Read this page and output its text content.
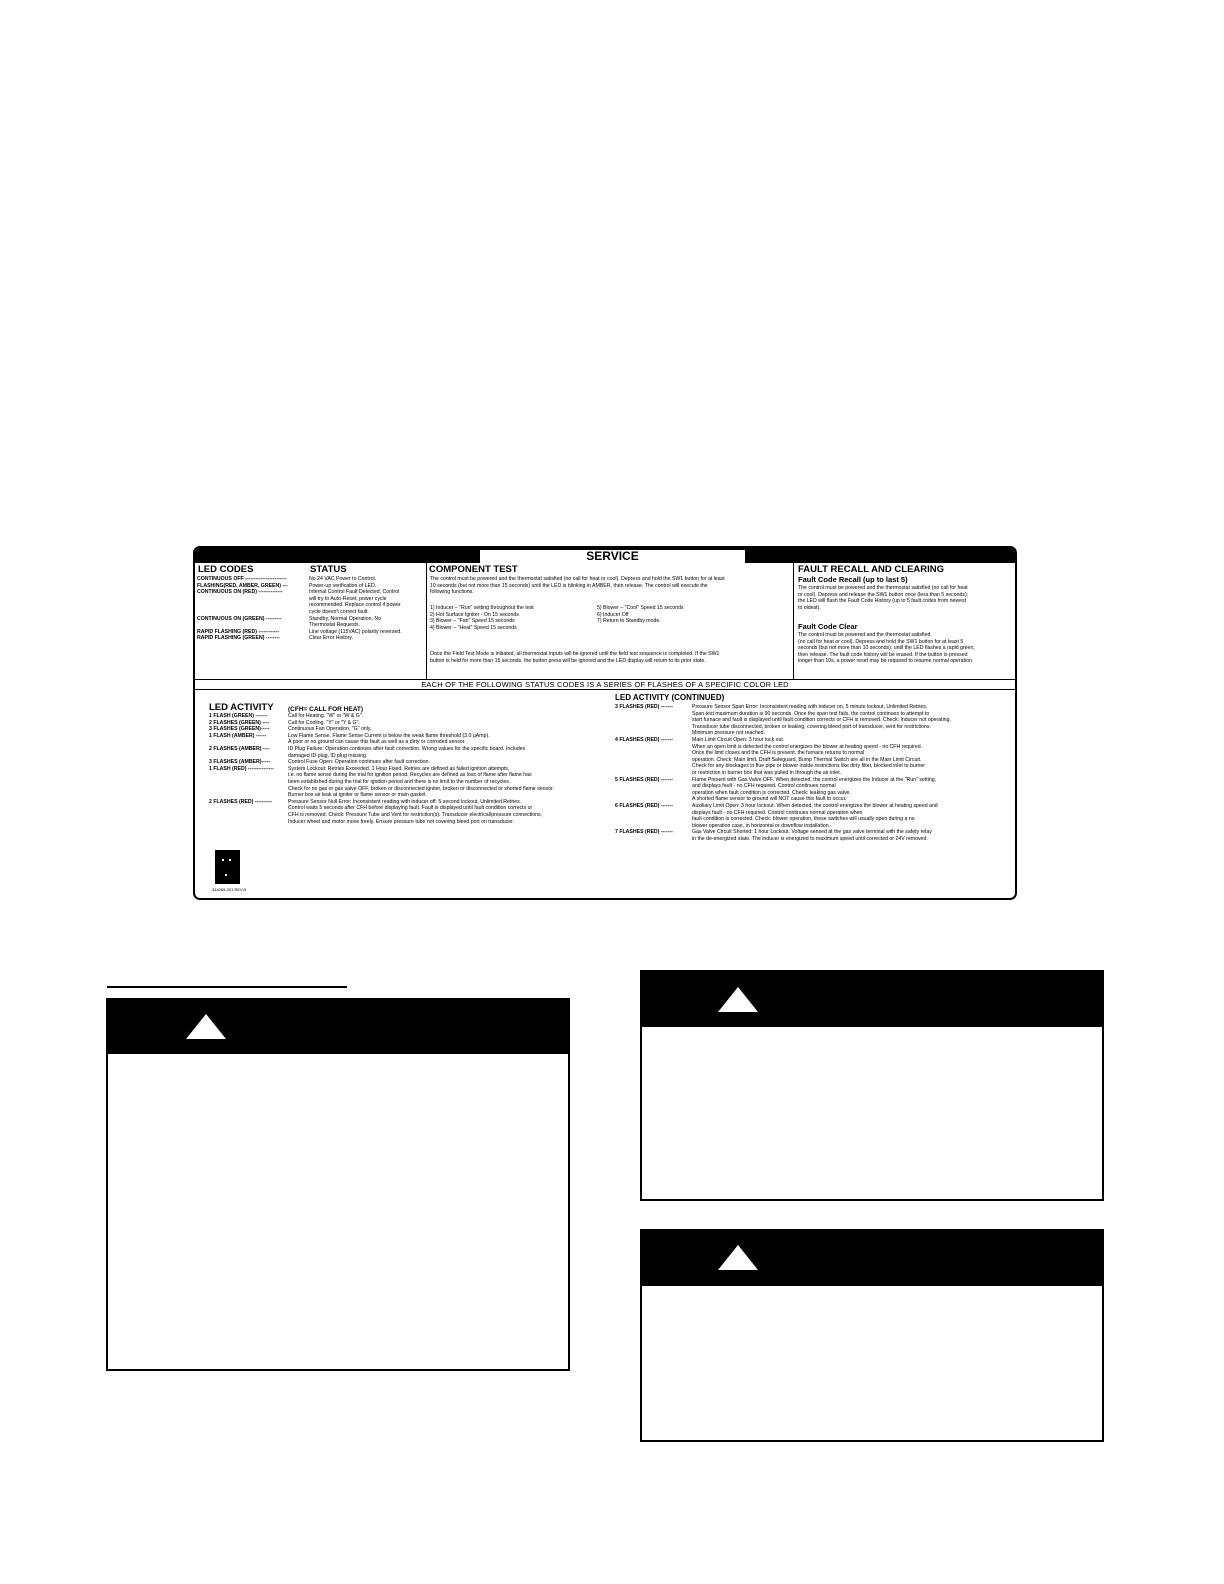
SERVICE
LED CODES	STATUS
CONTINUOUS OFF ------------------------	No 24 VAC Power to Control.
FLASHING(RED, AMBER, GREEN) ---	Power-up verification of LED.
CONTINUOUS ON (RED) --------------	Internal Control Fault Detected, Control
will try to Auto-Reset, power cycle
recommended. Replace control if power
cycle doesn't correct fault.
CONTINUOUS ON (GREEN) ---------	Standby, Normal Operation, No
Thermostat Requests.
RAPID FLASHING (RED) ------------	Line voltage (115VAC) polarity reversed.
RAPID FLASHING (GREEN) --------	Clear Error History.
COMPONENT TEST
The control must be powered and the thermostat satisfied (no call for heat or cool). Depress and hold the SW1 button for at least
10 seconds (but not more than 15 seconds) until the LED is blinking in AMBER, then release. The control will execute the
following functions.
1) Inducer – "Run" setting throughout the test
2) Hot Surface Igniter - On 15 seconds
3) Blower – "Fan" Speed 15 seconds
4) Blower – "Heat" Speed 15 seconds
5) Blower – "Cool" Speed 15 seconds
6) Inducer Off
7) Return to Standby mode.
Once the Field Test Mode is initiated, all thermostat inputs will be ignored until the field test sequence is completed. If the SW1
button is held for more than 15 seconds, the button press will be ignored and the LED display will return to its prior state.
FAULT RECALL AND CLEARING
Fault Code Recall (up to last 5)
The control must be powered and the thermostat satisfied (no call for heat
or cool). Depress and release the SW1 button once (less than 5 seconds);
the LED will flash the Fault Code History (up to 5 fault codes from newest
to oldest).
Fault Code Clear
The control must be powered and the thermostat satisfied
(no call for heat or cool). Depress and hold the SW1 button for at least 5
seconds (but not more than 10 seconds), until the LED flashes a rapid green,
then release. The fault code history will be erased. If the button is pressed
longer than 10s, a power reset may be required to resume normal operation.
EACH OF THE FOLLOWING STATUS CODES IS A SERIES OF FLASHES OF A SPECIFIC COLOR LED
LED ACTIVITY (CFH= CALL FOR HEAT)
1 FLASH (GREEN) -------	Call for Heating. "W" or "W & G".
2 FLASHES (GREEN) ----	Call for Cooling. "Y" or "Y & G".
3 FLASHES (GREEN)-----	Continuous Fan Operation, "G" only.
1 FLASH (AMBER) ------	Low Flame Sense. Flame Sense Current is below the weak flame threshold (3.0 µAmp).
A poor or no ground can cause this fault as well as a dirty or corroded sensor.
2 FLASHES (AMBER) ----	ID Plug Failure: Operation continues after fault correction. Wrong values for the specific board. Includes
damaged ID plug, ID plug missing.
3 FLASHES (AMBER)-----	Control Fuse Open: Operation continues after fault correction.
1 FLASH (RED) ---------------	System Lockout: Retries Exceeded. 1 Hour Fixed. Retries are defined as failed ignition attempts,
i.e. no flame sense during the trial for ignition period. Recycles are defined as loss of flame after flame has
been established during the trial for ignition period and there is no limit to the number of recycles.
Check for no gas or gas valve OFF, broken or disconnected igniter, broken or disconnected or shorted flame sensor.
Burner box air leak at igniter or flame sensor or main gasket.
2 FLASHES (RED) ----------	Pressure Sensor Null Error: Inconsistent reading with inducer off. 5 second lockout, Unlimited Retries.
Control waits 5 seconds after CFH before displaying fault. Fault is displayed until fault condition corrects or
CFH is removed. Check: Pressure Tube and Vent for restriction(s). Transducer electrical/pressure connections,
Inducer wheel and motor move freely. Ensure pressure tube not covering bleed port on transducer.
344265-201 REV.B
LED ACTIVITY (CONTINUED)
3 FLASHES (RED) -------	Pressure Sensor Span Error: Inconsistent reading with inducer on, 5 minute lockout, Unlimited Retries.
Span test maximum duration is 90 seconds. Once the span test fails, the control continues to attempt to
start furnace and fault is displayed until fault condition corrects or CFH is removed. Check: Inducer not operating.
Transducer tube disconnected, broken or leaking, covering bleed port of transducer, vent for restrictions.
Minimum pressure not reached.
4 FLASHES (RED) -------	Main Limit Circuit Open: 3 hour lock out.
When an open limit is detected the control energizes the blower at heating speed - no CFH required.
Once the limit closes and the CFH is present, the furnace returns to normal
operation. Check: Main limit, Draft Safeguard, Bump Thermal Switch are all in the Main Limit Circuit.
Check for any blockages in flue pipe or blower inside restrictions like dirty filter, blocked inlet to burner
or restriction in burner box that was pulled in through the air inlet.
5 FLASHES (RED) -------	Flame Present with Gas Valve OFF. When detected, the control energizes the Inducer at the "Run" setting,
and displays fault - no CFH required. Control continues normal
operation when fault condition is corrected. Check: leaking gas valve.
A shorted flame sensor to ground will NOT cause this fault to occur.
6 FLASHES (RED) -------	Auxiliary Limit Open: 3 hour lockout. When detected, the control energizes the blower at heating speed and
displays fault - no CFH required. Control continues normal operation when
fault condition is corrected. Check: blower operation, these switches will usually open during a no
blower operation case, in horizontal or downflow installation.
7 FLASHES (RED) -------	Gas Valve Circuit Shorted: 1 hour Lockout. Voltage sensed at the gas valve terminal with the safety relay
in the de-energized state. The inducer is energized to maximum speed until corrected or 24V removed.
